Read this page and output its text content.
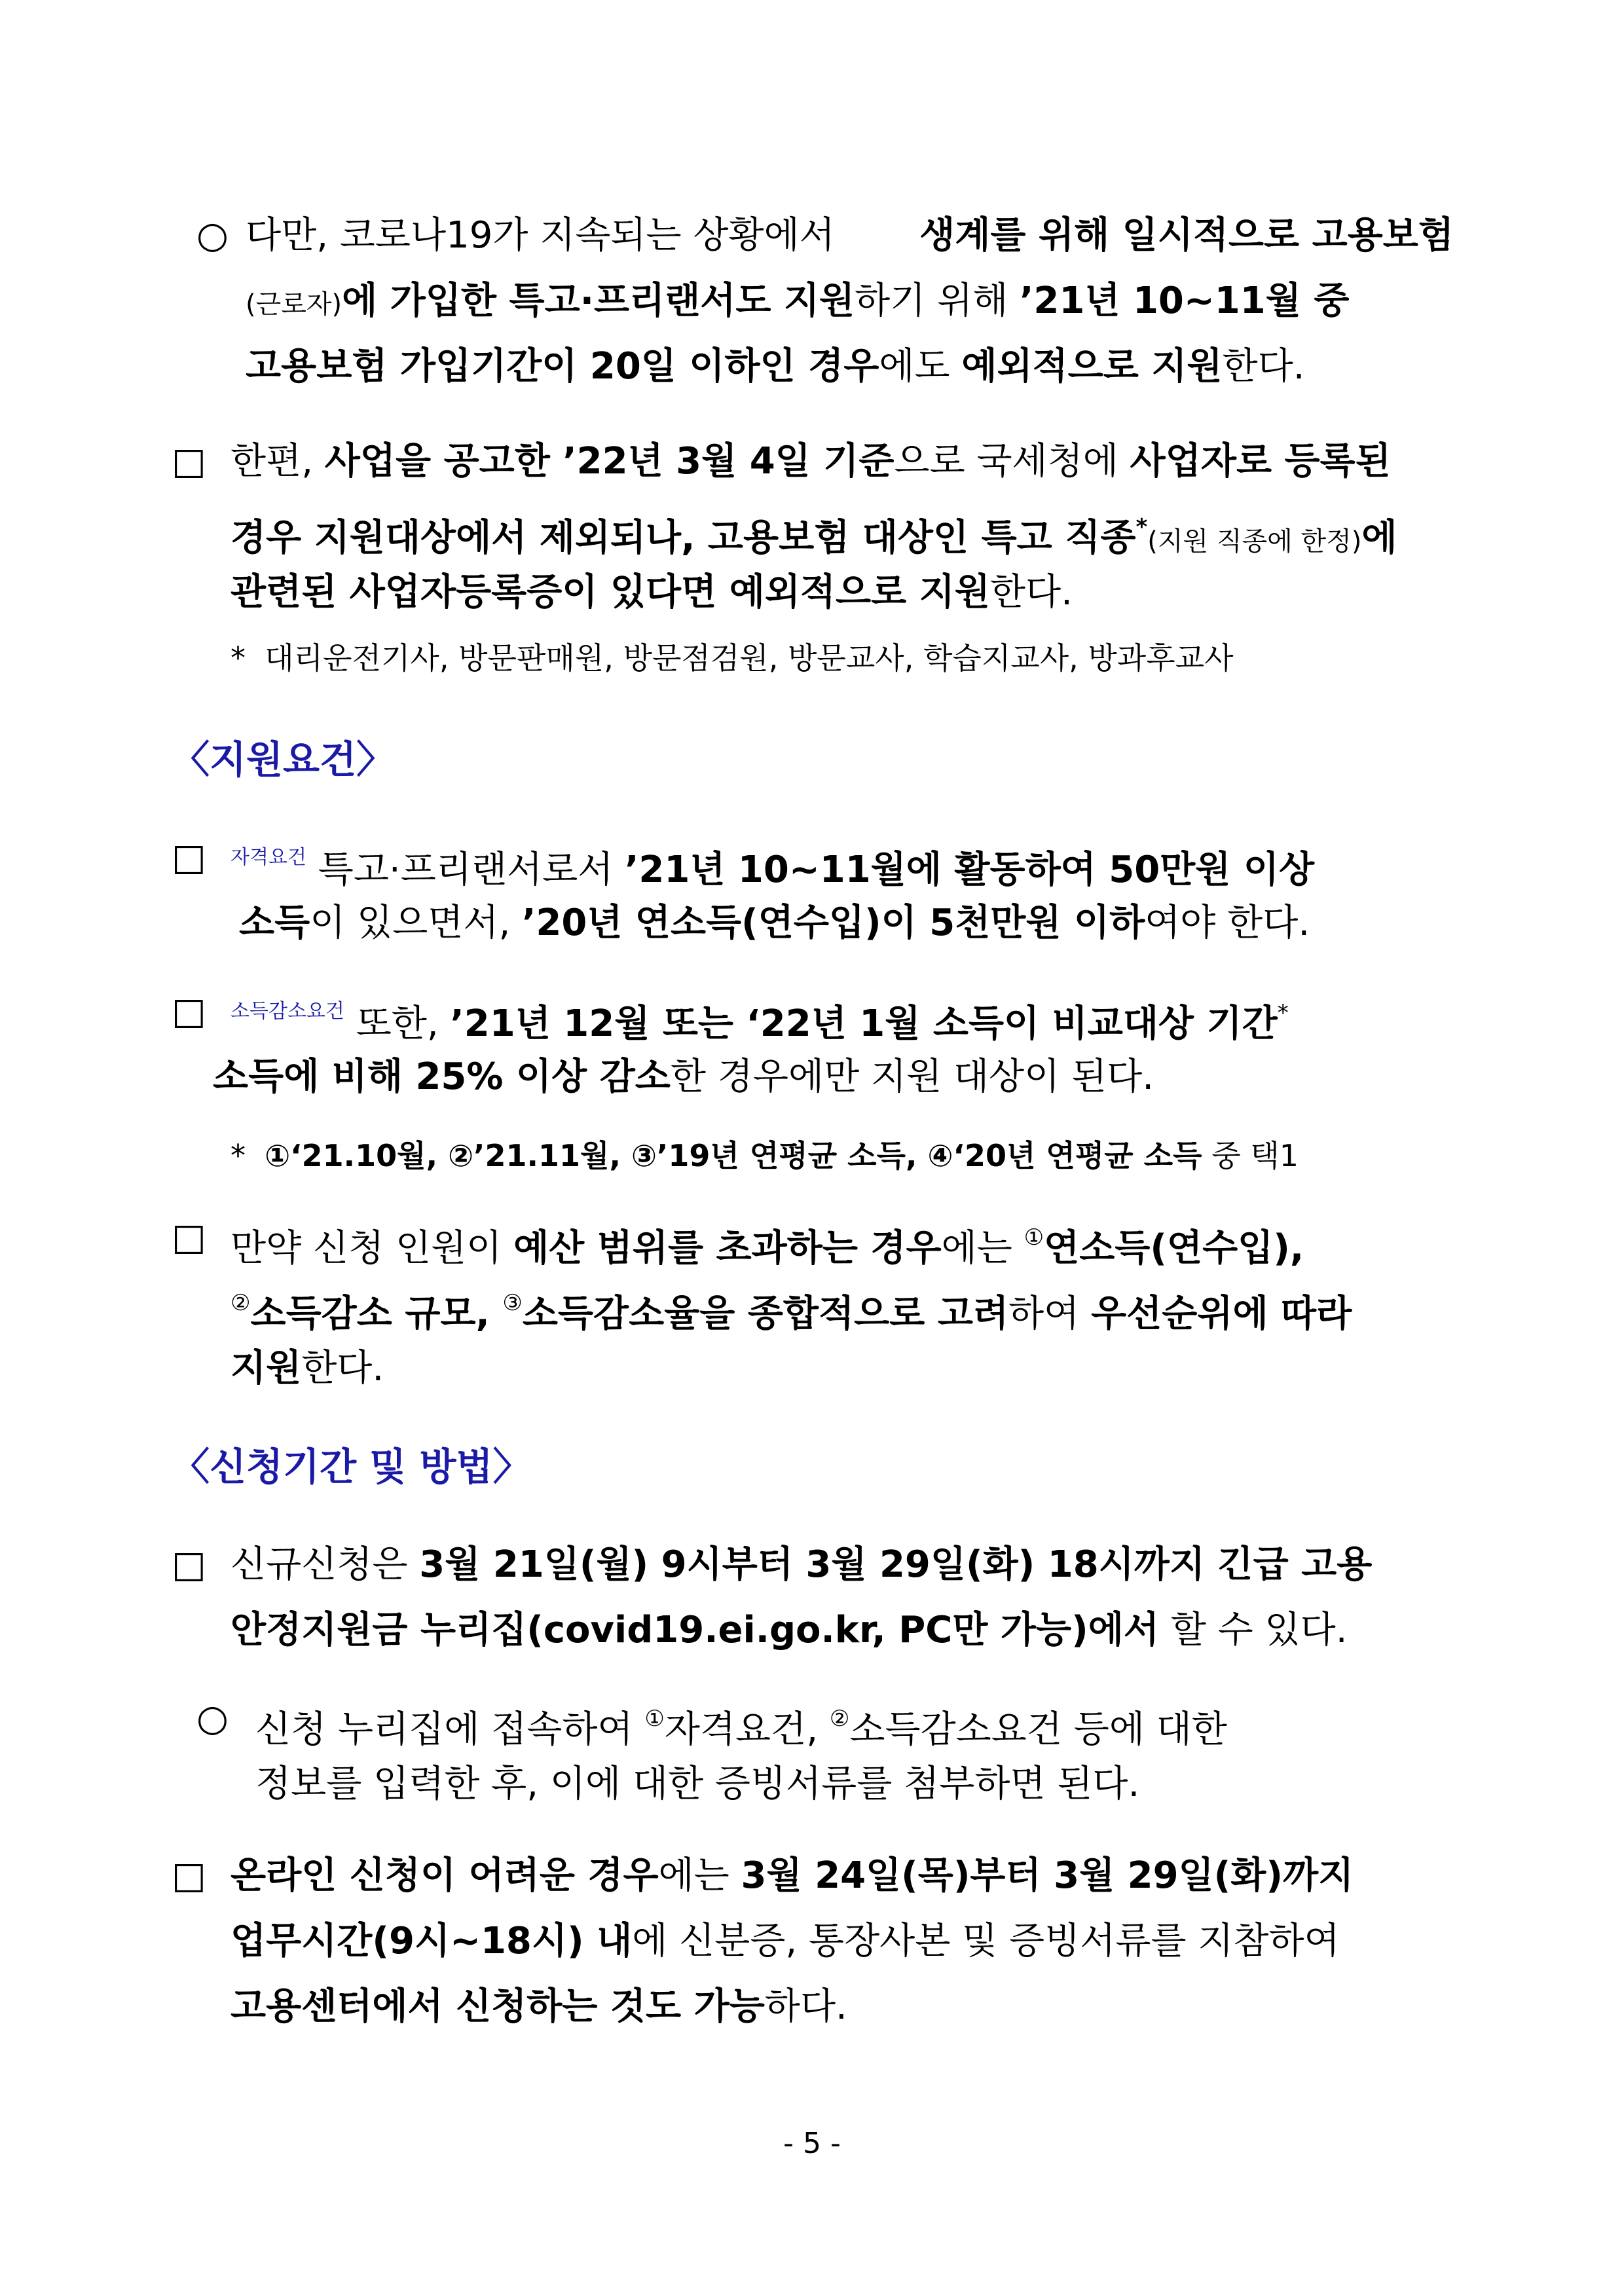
○ 다만, 코로나19가 지속되는 상황에서 생계를 위해 일시적으로 고용보험
(근로자)에 가입한 특고·프리랜서도 지원하기 위해 ’21년 10~11월 중
고용보험 가입기간이 20일 이하인 경우에도 예외적으로 지원한다.
□ 한편, 사업을 공고한 ’22년 3월 4일 기준으로 국세청에 사업자로 등록된
경우 지원대상에서 제외되나, 고용보험 대상인 특고 직종*(지원 직종에 한정)에
관련된 사업자등록증이 있다면 예외적으로 지원한다.
* 대리운전기사, 방문판매원, 방문점검원, 방문교사, 학습지교사, 방과후교사
〈지원요건〉
□ $^{자격요건}$ 특고·프리랜서로서 ’21년 10~11월에 활동하여 50만원 이상
소득이 있으면서, ’20년 연소득(연수입)이 5천만원 이하여야 한다.
□ $^{소득감소요건}$ 또한, ’21년 12월 또는 ‘22년 1월 소득이 비교대상 기간*
소득에 비해 25% 이상 감소한 경우에만 지원 대상이 된다.
* ①‘21.10월, ②’21.11월, ③’19년 연평균 소득, ④‘20년 연평균 소득 중 택1
□ 만약 신청 인원이 예산 범위를 초과하는 경우에는 ①연소득(연수입),
②소득감소 규모, ③소득감소율을 종합적으로 고려하여 우선순위에 따라
지원한다.
〈신청기간 및 방법〉
□ 신규신청은 3월 21일(월) 9시부터 3월 29일(화) 18시까지 긴급 고용
안정지원금 누리집(covid19.ei.go.kr, PC만 가능)에서 할 수 있다.
○ 신청 누리집에 접속하여 ①자격요건, ②소득감소요건 등에 대한
정보를 입력한 후, 이에 대한 증빙서류를 첨부하면 된다.
□ 온라인 신청이 어려운 경우에는 3월 24일(목)부터 3월 29일(화)까지
업무시간(9시~18시) 내에 신분증, 통장사본 및 증빙서류를 지참하여
고용센터에서 신청하는 것도 가능하다.
- 5 -
